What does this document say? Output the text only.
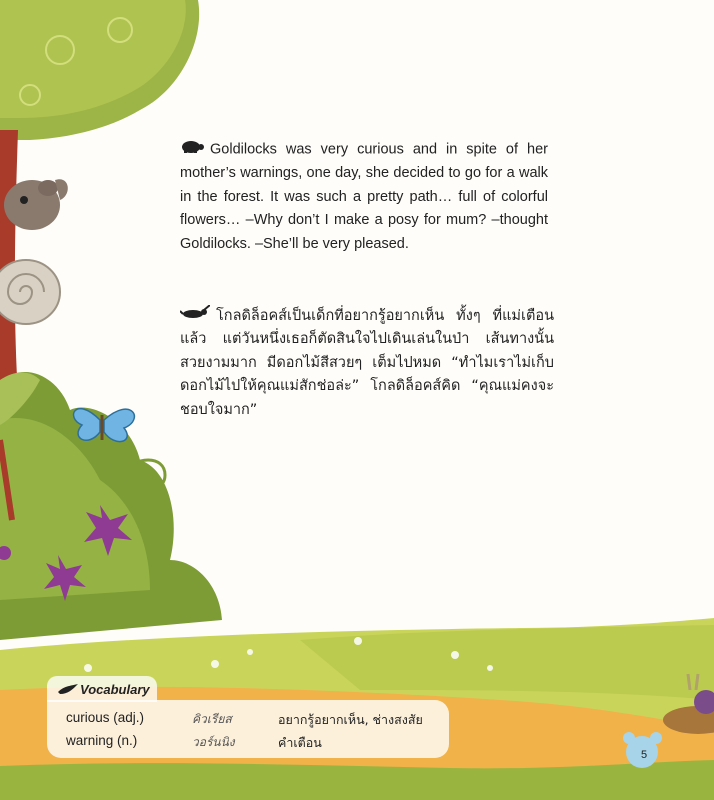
Goldilocks was very curious and in spite of her mother’s warnings, one day, she decided to go for a walk in the forest. It was such a pretty path… full of colorful flowers… –Why don’t I make a posy for mum? –thought Goldilocks. –She’ll be very pleased.
โกลดิล็อคส์เป็นเด็กที่อยากรู้อยากเห็น ทั้งๆ ที่แม่เตือนแล้ว แต่วันหนึ่งเธอก็ตัดสินใจไปเดินเล่นในป่า เส้นทางนั้นสวยงามมาก มีดอกไม้สีสวยๆ เต็มไปหมด “ทำไมเราไม่เก็บดอกไม้ไปให้คุณแม่สักช่อล่ะ” โกลดิล็อคส์คิด “คุณแม่คงจะชอบใจมาก”
Vocabulary
curious (adj.)	คิวเรียส	อยากรู้อยากเห็น, ช่างสงสัย
warning (n.)	วอร์นนิง	คำเตือน
5
